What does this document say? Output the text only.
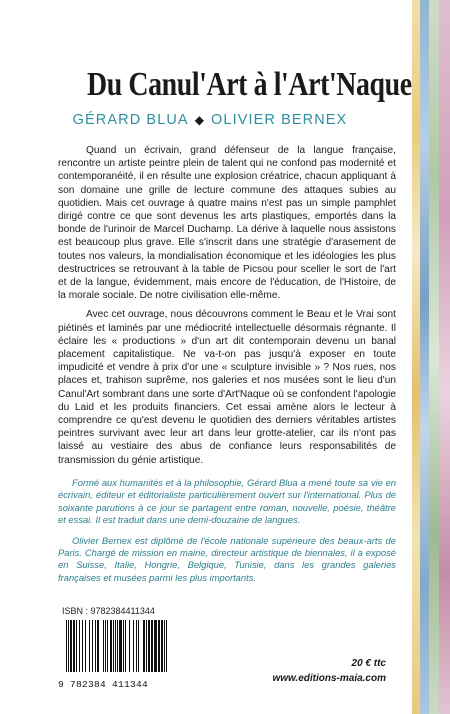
Du Canul'Art à l'Art'Naque
GÉRARD BLUA ◆ OLIVIER BERNEX

Quand un écrivain, grand défenseur de la langue française, rencontre un artiste peintre plein de talent qui ne confond pas modernité et contemporanéité, il en résulte une explosion créatrice, chacun appliquant à son domaine une grille de lecture commune des attaques subies au quotidien. Mais cet ouvrage à quatre mains n'est pas un simple pamphlet dirigé contre ce que sont devenus les arts plastiques, emportés dans la bonde de l'urinoir de Marcel Duchamp. La dérive à laquelle nous assistons est beaucoup plus grave. Elle s'inscrit dans une stratégie d'arasement de toutes nos valeurs, la mondialisation économique et les idéologies les plus destructrices se retrouvant à la table de Picsou pour sceller le sort de l'art et de la langue, évidemment, mais encore de l'éducation, de l'Histoire, de la morale sociale. De notre civilisation elle-même.

Avec cet ouvrage, nous découvrons comment le Beau et le Vrai sont piétinés et laminés par une médiocrité intellectuelle désormais régnante. Il éclaire les « productions » d'un art dit contemporain devenu un banal placement capitalistique. Ne va-t-on pas jusqu'à exposer en toute impudicité et vendre à prix d'or une « sculpture invisible » ? Nos rues, nos places et, trahison suprême, nos galeries et nos musées sont le lieu d'un Canul'Art sombrant dans une sorte d'Art'Naque où se confondent l'apologie du Laid et les produits financiers. Cet essai amène alors le lecteur à comprendre ce qu'est devenu le quotidien des derniers véritables artistes peintres survivant avec leur art dans leur grotte-atelier, car ils n'ont pas laissé au vestiaire des abus de confiance leurs responsabilités de transmission du génie artistique.

Formé aux humanités et à la philosophie, Gérard Blua a mené toute sa vie en écrivain, éditeur et éditorialiste particulièrement ouvert sur l'international. Plus de soixante parutions à ce jour se partagent entre roman, nouvelle, poésie, théâtre et essai. Il est traduit dans une demi-douzaine de langues.

Olivier Bernex est diplômé de l'école nationale supérieure des beaux-arts de Paris. Chargé de mission en mairie, directeur artistique de biennales, il a exposé en Suisse, Italie, Hongrie, Belgique, Tunisie, dans les grandes galeries françaises et musées parmi les plus importants.

ISBN : 9782384411344
9 782384 411344
20 € ttc
www.editions-maia.com
